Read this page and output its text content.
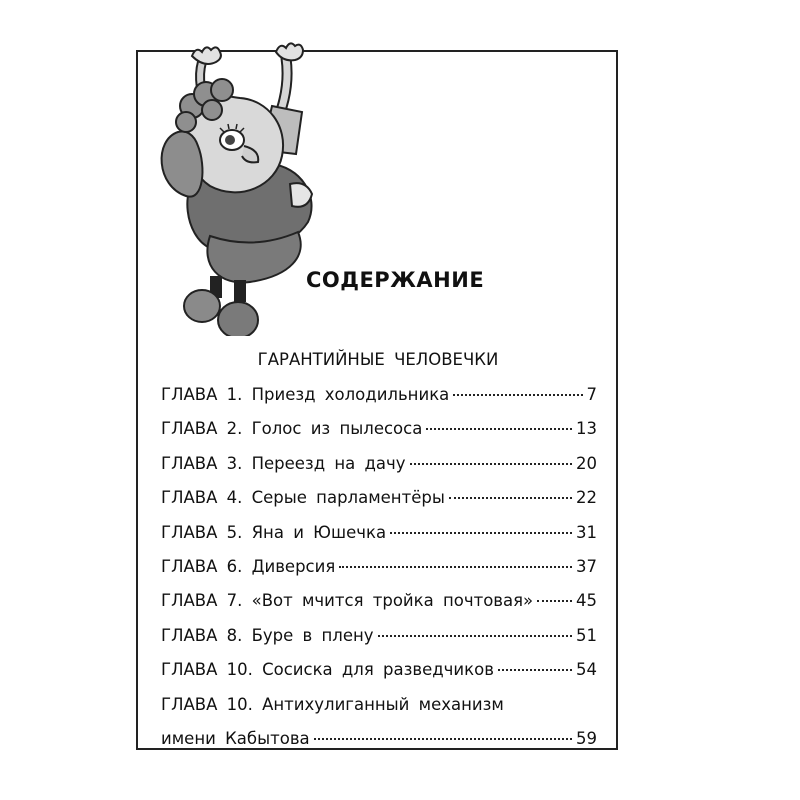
СОДЕРЖАНИЕ
ГАРАНТИЙНЫЕ ЧЕЛОВЕЧКИ
ГЛАВА 1. Приезд холодильника	7
ГЛАВА 2. Голос из пылесоса	13
ГЛАВА 3. Переезд на дачу	20
ГЛАВА 4. Серые парламентёры	22
ГЛАВА 5. Яна и Юшечка	31
ГЛАВА 6. Диверсия	37
ГЛАВА 7. «Вот мчится тройка почтовая»	45
ГЛАВА 8. Буре в плену	51
ГЛАВА 10. Сосиска для разведчиков	54
ГЛАВА 10. Антихулиганный механизм
имени Кабытова	59
